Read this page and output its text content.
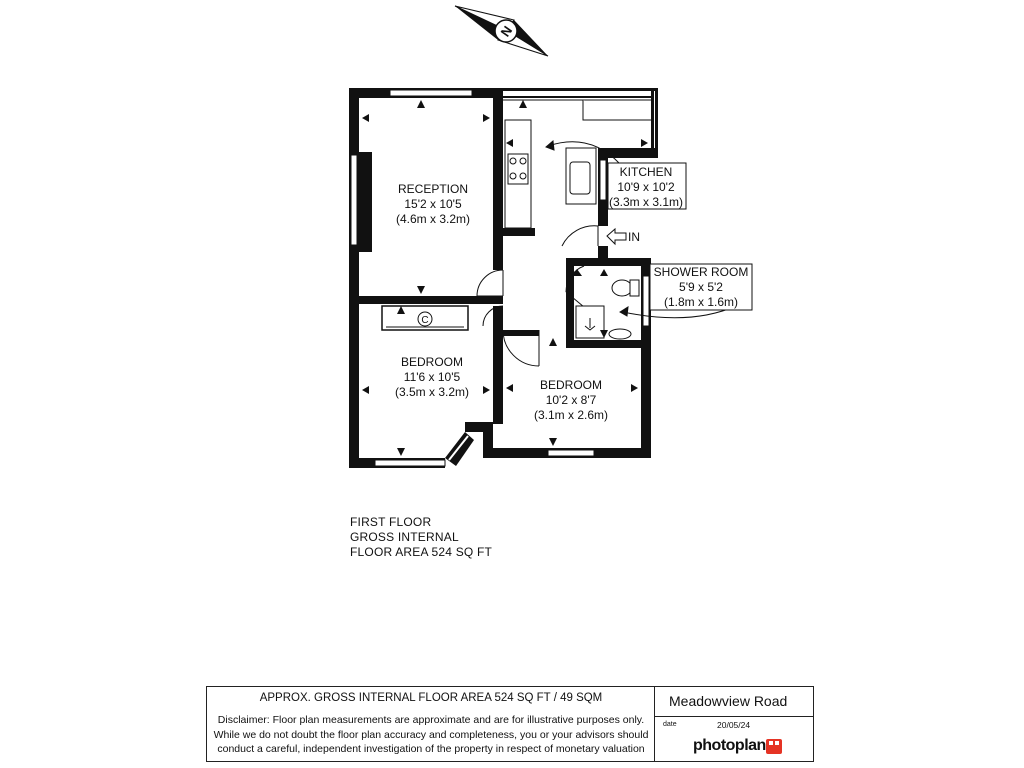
N
C
IN
RECEPTION
15'2 x 10'5
(4.6m x 3.2m)
KITCHEN
10'9 x 10'2
(3.3m x 3.1m)
SHOWER ROOM
5'9 x 5'2
(1.8m x 1.6m)
BEDROOM
11'6 x 10'5
(3.5m x 3.2m)	BEDROOM
10'2 x 8'7
(3.1m x 2.6m)
FIRST FLOOR
GROSS INTERNAL
FLOOR AREA 524 SQ FT
APPROX. GROSS INTERNAL FLOOR AREA 524 SQ FT / 49 SQM
Disclaimer: Floor plan measurements are approximate and are for illustrative purposes only.
While we do not doubt the floor plan accuracy and completeness, you or your advisors should
conduct a careful, independent investigation of the property in respect of monetary valuation
Meadowview Road
date	20/05/24
photoplan
